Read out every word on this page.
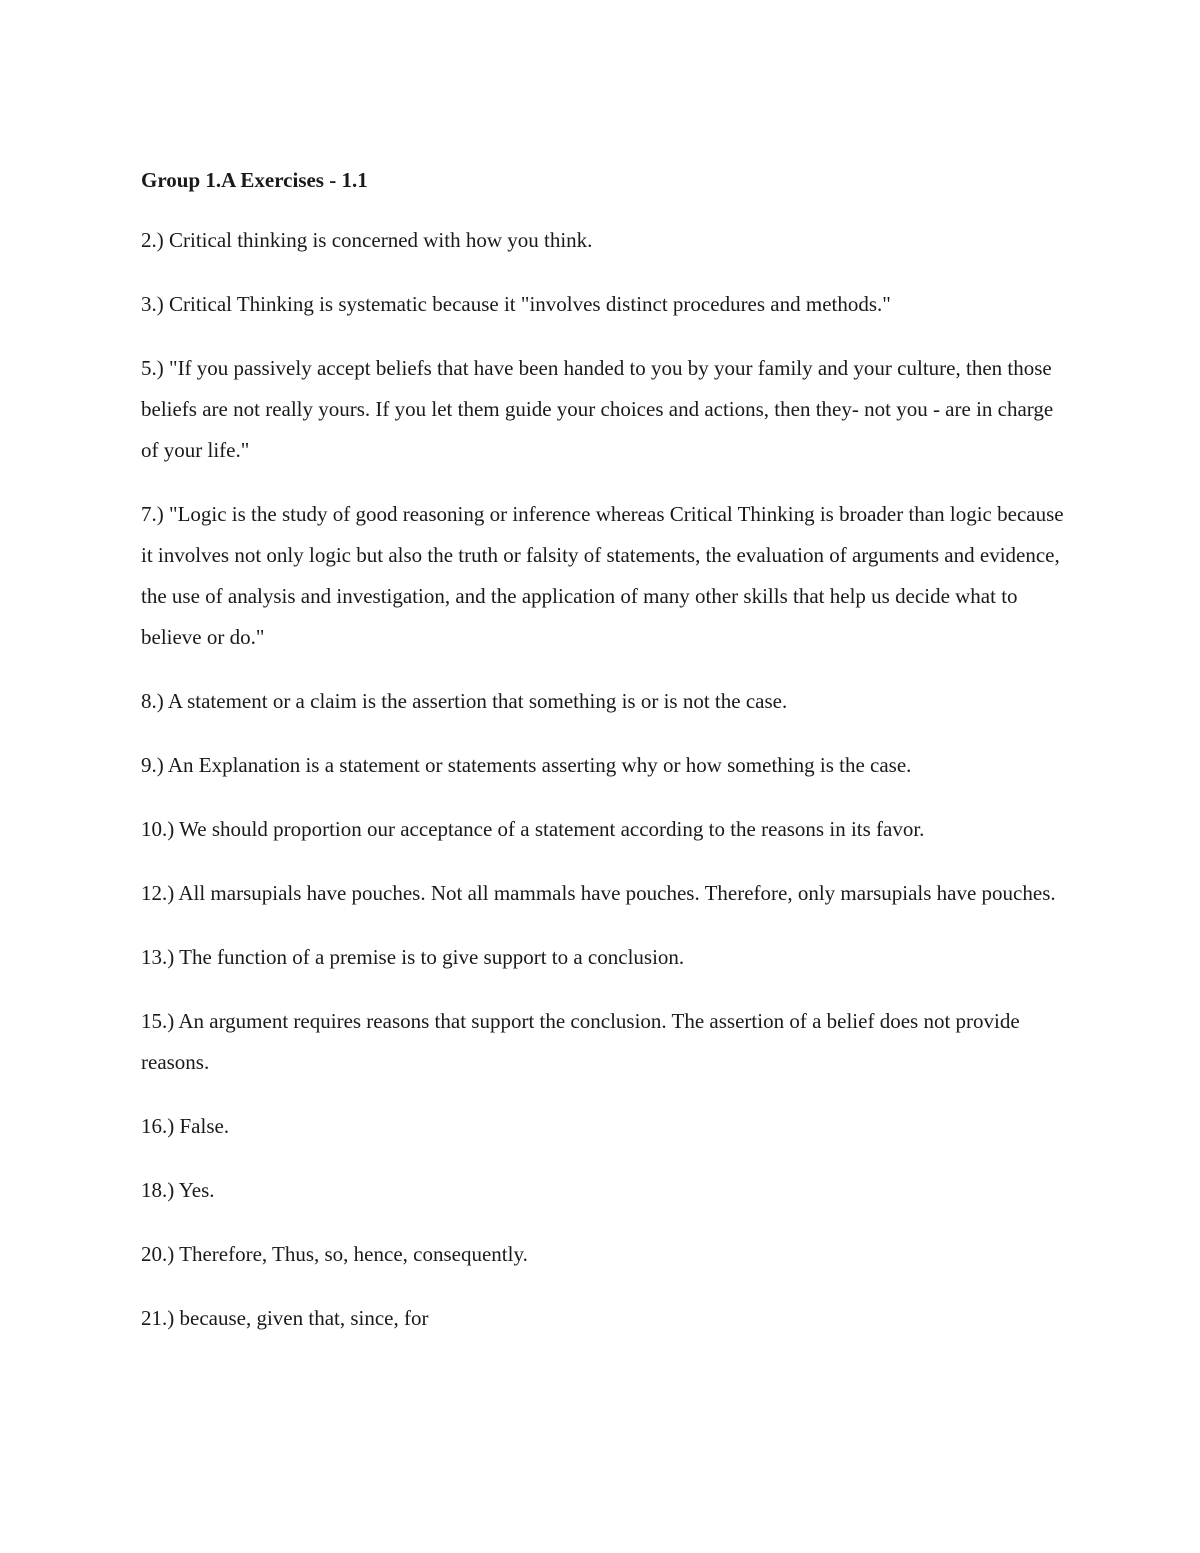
Group 1.A Exercises - 1.1
2.) Critical thinking is concerned with how you think.
3.) Critical Thinking is systematic because it "involves distinct procedures and methods."
5.) "If you passively accept beliefs that have been handed to you by your family and your culture, then those beliefs are not really yours. If you let them guide your choices and actions, then they- not you - are in charge of your life."
7.) "Logic is the study of good reasoning or inference whereas Critical Thinking is broader than logic because it involves not only logic but also the truth or falsity of statements, the evaluation of arguments and evidence, the use of analysis and investigation, and the application of many other skills that help us decide what to believe or do."
8.) A statement or a claim is the assertion that something is or is not the case.
9.) An Explanation is a statement or statements asserting why or how something is the case.
10.) We should proportion our acceptance of a statement according to the reasons in its favor.
12.) All marsupials have pouches. Not all mammals have pouches. Therefore, only marsupials have pouches.
13.) The function of a premise is to give support to a conclusion.
15.) An argument requires reasons that support the conclusion. The assertion of a belief does not provide reasons.
16.) False.
18.) Yes.
20.) Therefore, Thus, so, hence, consequently.
21.) because, given that, since, for
